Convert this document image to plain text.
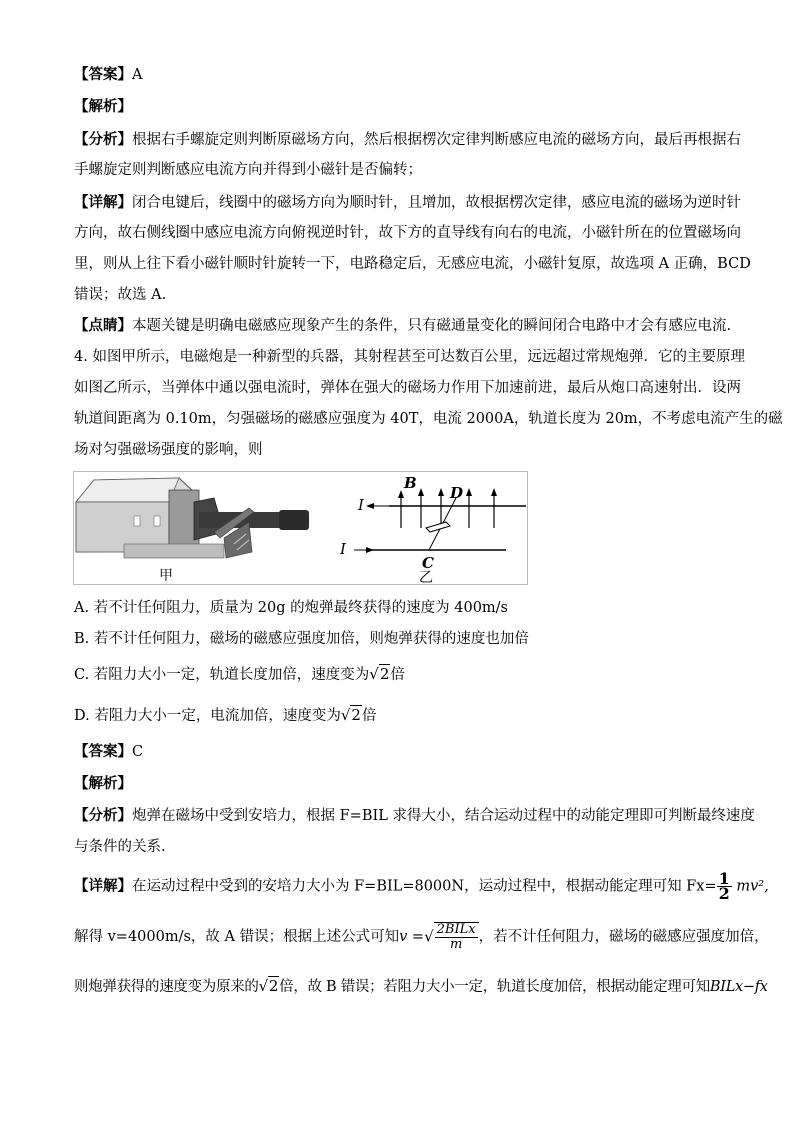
【答案】A
【解析】
【分析】根据右手螺旋定则判断原磁场方向，然后根据楞次定律判断感应电流的磁场方向，最后再根据右
手螺旋定则判断感应电流方向并得到小磁针是否偏转；
【详解】闭合电键后，线圈中的磁场方向为顺时针，且增加，故根据楞次定律，感应电流的磁场为逆时针
方向，故右侧线圈中感应电流方向俯视逆时针，故下方的直导线有向右的电流，小磁针所在的位置磁场向
里，则从上往下看小磁针顺时针旋转一下，电路稳定后，无感应电流，小磁针复原，故选项 A 正确，BCD
错误；故选 A.
【点睛】本题关键是明确电磁感应现象产生的条件，只有磁通量变化的瞬间闭合电路中才会有感应电流.
4. 如图甲所示，电磁炮是一种新型的兵器，其射程甚至可达数百公里，远远超过常规炮弹．它的主要原理
如图乙所示，当弹体中通以强电流时，弹体在强大的磁场力作用下加速前进，最后从炮口高速射出．设两
轨道间距离为 0.10m，匀强磁场的磁感应强度为 40T，电流 2000A，轨道长度为 20m，不考虑电流产生的磁
场对匀强磁场强度的影响，则
甲
I
I
B
D
C
乙
A. 若不计任何阻力，质量为 20g 的炮弹最终获得的速度为 400m/s
B. 若不计任何阻力，磁场的磁感应强度加倍，则炮弹获得的速度也加倍
C. 若阻力大小一定，轨道长度加倍，速度变为√2倍
D. 若阻力大小一定，电流加倍，速度变为√2倍
【答案】C
【解析】
【分析】炮弹在磁场中受到安培力，根据 F=BIL 求得大小，结合运动过程中的动能定理即可判断最终速度
与条件的关系.
【详解】在运动过程中受到的安培力大小为 F=BIL=8000N，运动过程中，根据动能定理可知 $Fx= \frac{1}{2} mv^2$,
解得 v=4000m/s，故 A 错误；根据上述公式可知v =√ $\frac{\text{2BILx}}{m}$ ，若不计任何阻力，磁场的磁感应强度加倍，
则炮弹获得的速度变为原来的√2倍，故 B 错误；若阻力大小一定，轨道长度加倍，根据动能定理可知BILx−fx
